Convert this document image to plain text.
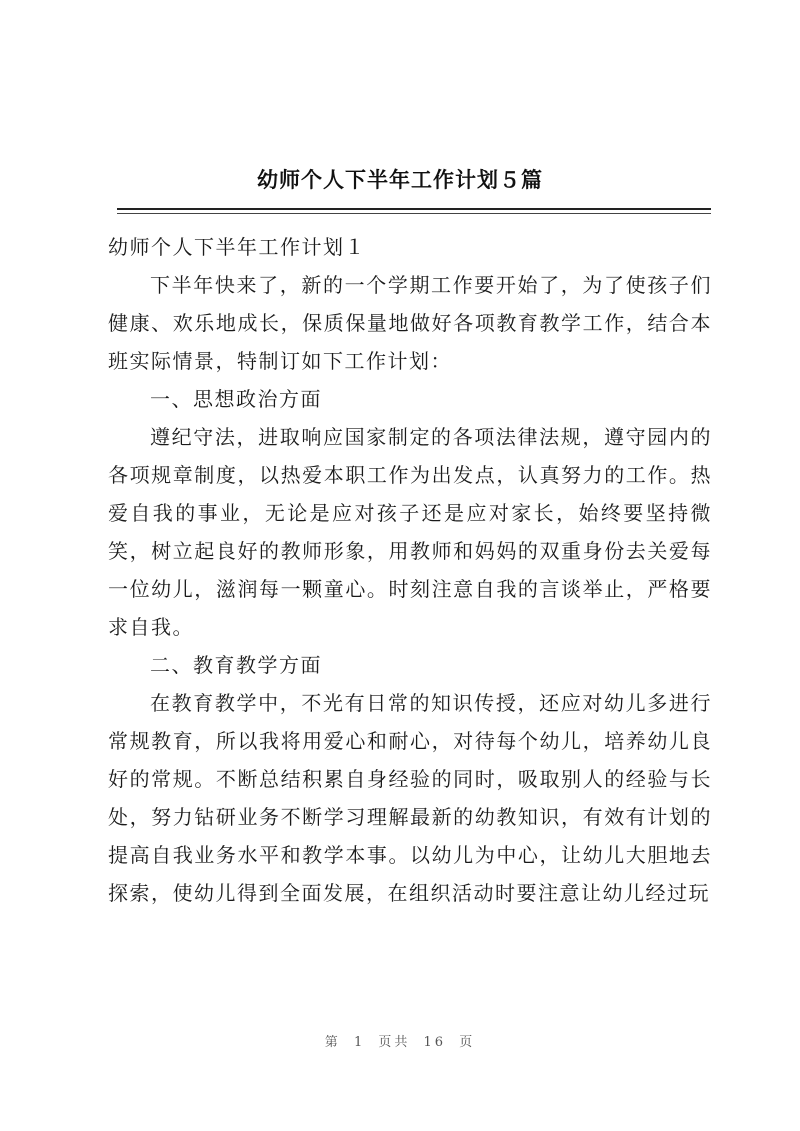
幼师个人下半年工作计划５篇

幼师个人下半年工作计划１

下半年快来了，新的一个学期工作要开始了，为了使孩子们健康、欢乐地成长，保质保量地做好各项教育教学工作，结合本班实际情景，特制订如下工作计划：

一、思想政治方面

遵纪守法，进取响应国家制定的各项法律法规，遵守园内的各项规章制度，以热爱本职工作为出发点，认真努力的工作。热爱自我的事业，无论是应对孩子还是应对家长，始终要坚持微笑，树立起良好的教师形象，用教师和妈妈的双重身份去关爱每一位幼儿，滋润每一颗童心。时刻注意自我的言谈举止，严格要求自我。

二、教育教学方面

在教育教学中，不光有日常的知识传授，还应对幼儿多进行常规教育，所以我将用爱心和耐心，对待每个幼儿，培养幼儿良好的常规。不断总结积累自身经验的同时，吸取别人的经验与长处，努力钻研业务不断学习理解最新的幼教知识，有效有计划的提高自我业务水平和教学本事。以幼儿为中心，让幼儿大胆地去探索，使幼儿得到全面发展，在组织活动时要注意让幼儿经过玩

第 1 页共 16 页
